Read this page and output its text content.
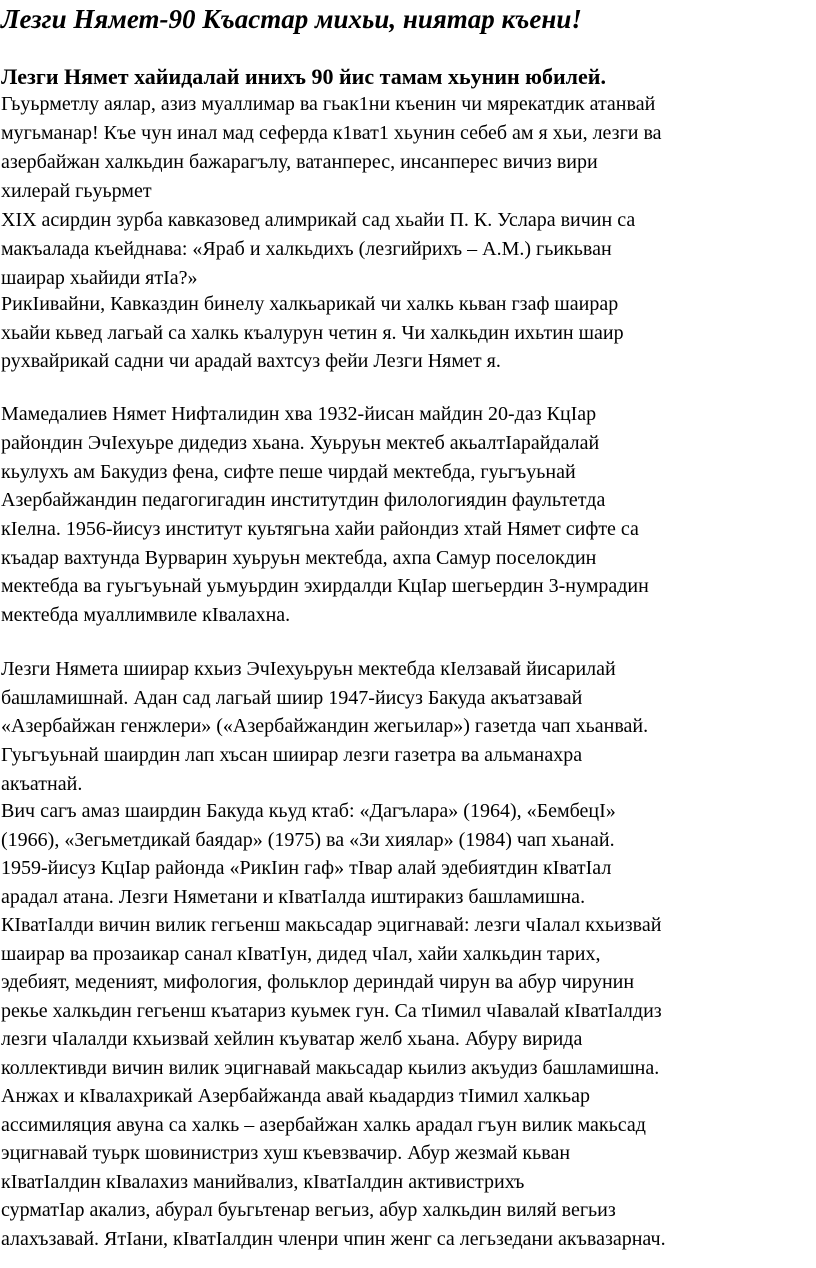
Лезги Нямет-90 Къастар михьи, ниятар къени!
Лезги Нямет хайидалай инихъ 90 йис тамам хьунин юбилей.

Гьуьрметлу аялар, азиз муаллимар ва гьак1ни къенин чи мярекатдик атанвай

мугьманар! Къе чун инал мад сеферда к1ват1 хьунин себеб ам я хьи, лезги ва

азербайжан халкьдин бажарагълу, ватанперес, инсанперес вичиз вири

хилерай гьуьрмет

XIX асирдин зурба кавказовед алимрикай сад хьайи П. К. Услара вичин са

макъалада къейднава: «Яраб и халкьдихъ (лезгийрихъ – А.М.) гьикьван

шаирар хьайиди ятIа?»

РикIивайни, Кавказдин бинелу халкьарикай чи халкь кьван гзаф шаирар

хьайи кьвед лагьай са халкь къалурун четин я. Чи халкьдин ихьтин шаир

рухвайрикай садни чи арадай вахтсуз фейи Лезги Нямет я.

Мамедалиев Нямет Нифталидин хва 1932-йисан майдин 20-даз КцIар

райондин ЭчIехуьре дидедиз хьана. Хуьруьн мектеб акьалтIарайдалай

кьулухъ ам Бакудиз фена, сифте пеше чирдай мектебда, гуьгъуьнай

Азербайжандин педагогигадин институтдин филологиядин фаультетда

кIелна. 1956-йисуз институт куьтягьна хайи райондиз хтай Нямет сифте са

къадар вахтунда Вурварин хуьруьн мектебда, ахпа Самур поселокдин

мектебда ва гуьгъуьнай уьмуьрдин эхирдалди КцIар шегьердин 3-нумрадин

мектебда муаллимвиле кIвалахна.

Лезги Нямета шиирар кхьиз ЭчIехуьруьн мектебда кIелзавай йисарилай

башламишнай. Адан сад лагьай шиир 1947-йисуз Бакуда акъатзавай

«Азербайжан генжлери» («Азербайжандин жегьилар») газетда чап хьанвай.

Гуьгъуьнай шаирдин лап хъсан шиирар лезги газетра ва альманахра

акъатнай.

Вич сагъ амаз шаирдин Бакуда кьуд ктаб: «Дагълара» (1964), «БембецI»

(1966), «Зегьметдикай баядар» (1975) ва «Зи хиялар» (1984) чап хьанай.

1959-йисуз КцIар районда «РикIин гаф» тIвар алай эдебиятдин кIватIал

арадал атана. Лезги Няметани и кIватIалда иштиракиз башламишна.

КIватIалди вичин вилик гегьенш макьсадар эцигнавай: лезги чIалал кхьизвай

шаирар ва прозаикар санал кIватIун, дидед чIал, хайи халкьдин тарих,

эдебият, меденият, мифология, фольклор дериндай чирун ва абур чирунин

рекье халкьдин гегьенш къатариз куьмек гун. Са тIимил чIавалай кIватIалдиз

лезги чIалалди кхьизвай хейлин къуватар желб хьана. Абуру вирида

коллективди вичин вилик эцигнавай макьсадар кьилиз акъудиз башламишна.

Анжах и кIвалахрикай Азербайжанда авай кьадардиз тIимил халкьар

ассимиляция авуна са халкь – азербайжан халкь арадал гъун вилик макьсад

эцигнавай туьрк шовинистриз хуш къевзвачир. Абур жезмай кьван

кIватIалдин кIвалахиз манийвализ, кIватIалдин активистрихъ

сурматIар акализ, абурал буьгьтенар вегьиз, абур халкьдин виляй вегьиз

алахъзавай. ЯтIани, кIватIалдин членри чпин женг са легьзедани акъвазарнач.
